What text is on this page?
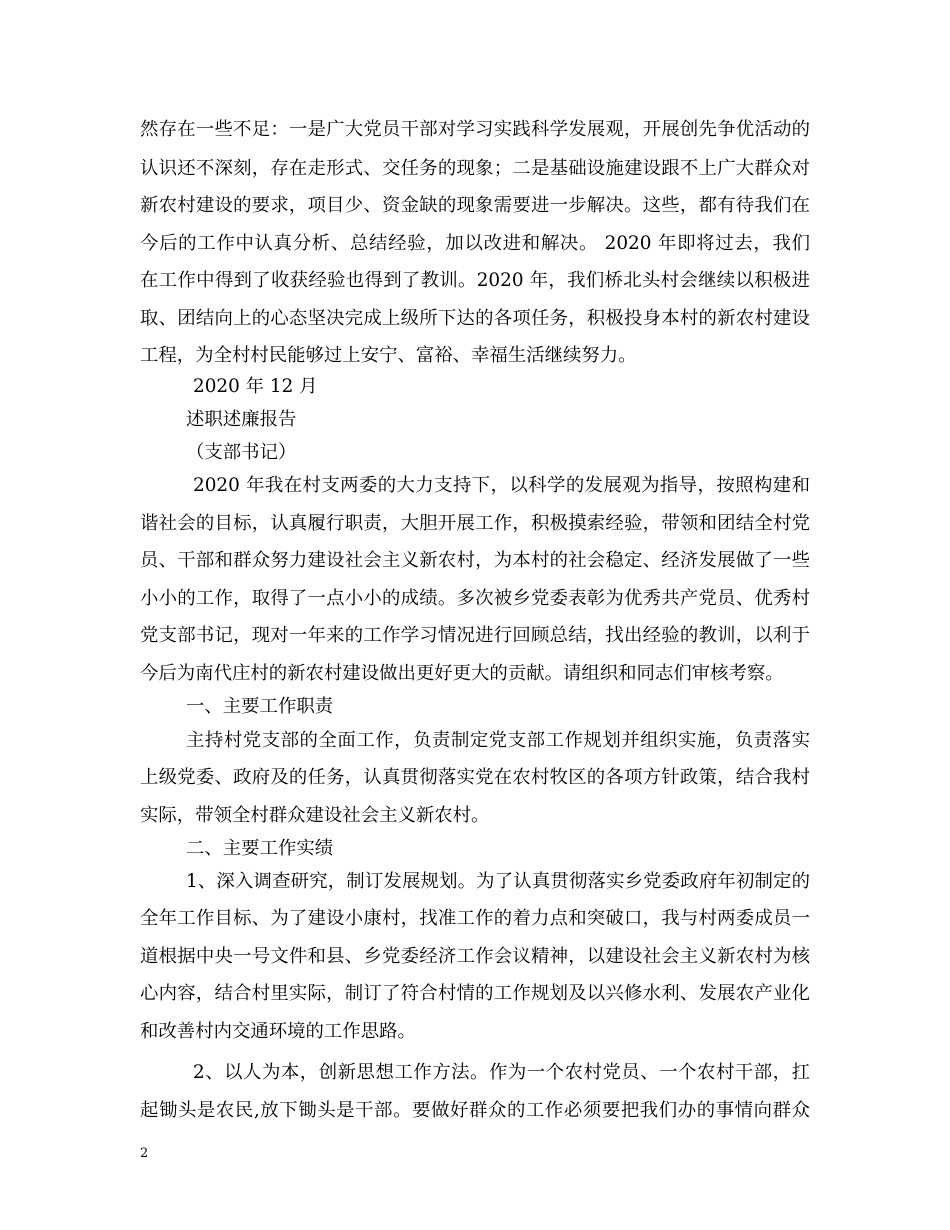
然存在一些不足：一是广大党员干部对学习实践科学发展观，开展创先争优活动的
认识还不深刻，存在走形式、交任务的现象；二是基础设施建设跟不上广大群众对
新农村建设的要求，项目少、资金缺的现象需要进一步解决。这些，都有待我们在
今后的工作中认真分析、总结经验，加以改进和解决。 2020 年即将过去，我们
在工作中得到了收获经验也得到了教训。2020 年，我们桥北头村会继续以积极进
取、团结向上的心态坚决完成上级所下达的各项任务，积极投身本村的新农村建设
工程，为全村村民能够过上安宁、富裕、幸福生活继续努力。
2020 年 12 月
述职述廉报告
（支部书记）
2020 年我在村支两委的大力支持下，以科学的发展观为指导，按照构建和
谐社会的目标，认真履行职责，大胆开展工作，积极摸索经验，带领和团结全村党
员、干部和群众努力建设社会主义新农村，为本村的社会稳定、经济发展做了一些
小小的工作，取得了一点小小的成绩。多次被乡党委表彰为优秀共产党员、优秀村
党支部书记，现对一年来的工作学习情况进行回顾总结，找出经验的教训，以利于
今后为南代庄村的新农村建设做出更好更大的贡献。请组织和同志们审核考察。
一、主要工作职责
主持村党支部的全面工作，负责制定党支部工作规划并组织实施，负责落实
上级党委、政府及的任务，认真贯彻落实党在农村牧区的各项方针政策，结合我村
实际，带领全村群众建设社会主义新农村。
二、主要工作实绩
1、深入调查研究，制订发展规划。为了认真贯彻落实乡党委政府年初制定的
全年工作目标、为了建设小康村，找准工作的着力点和突破口，我与村两委成员一
道根据中央一号文件和县、乡党委经济工作会议精神，以建设社会主义新农村为核
心内容，结合村里实际，制订了符合村情的工作规划及以兴修水利、发展农产业化
和改善村内交通环境的工作思路。
2、以人为本，创新思想工作方法。作为一个农村党员、一个农村干部，扛
起锄头是农民,放下锄头是干部。要做好群众的工作必须要把我们办的事情向群众
2
